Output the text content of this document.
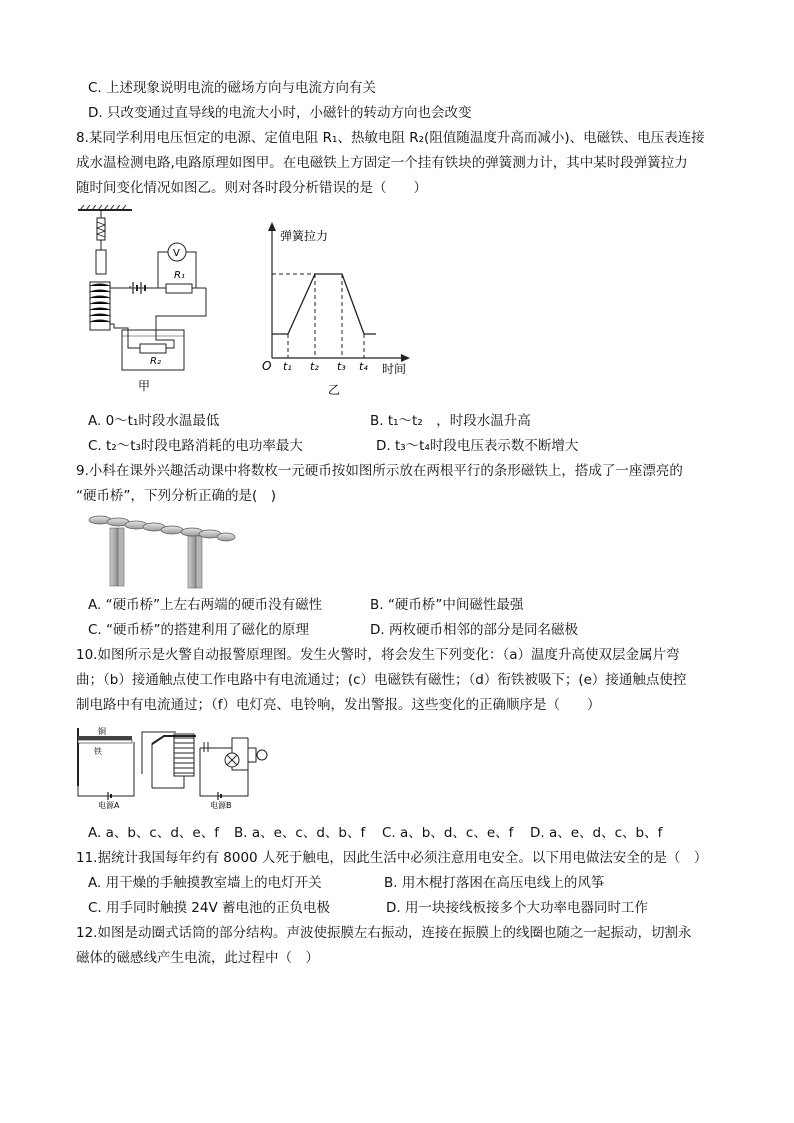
C. 上述现象说明电流的磁场方向与电流方向有关
D. 只改变通过直导线的电流大小时，小磁针的转动方向也会改变
8.某同学利用电压恒定的电源、定值电阻 R₁、热敏电阻 R₂(阻值随温度升高而减小)、电磁铁、电压表连接
成水温检测电路,电路原理如图甲。在电磁铁上方固定一个挂有铁块的弹簧测力计，其中某时段弹簧拉力
随时间变化情况如图乙。则对各时段分析错误的是（　　）
R₁
V
R₂
甲
弹簧拉力
时间
O t₁ t₂ t₃ t₄
乙
A. 0～t₁时段水温最低	B. t₁～t₂　，时段水温升高
C. t₂～t₃时段电路消耗的电功率最大	D. t₃～t₄时段电压表示数不断增大
9.小科在课外兴趣活动课中将数枚一元硬币按如图所示放在两根平行的条形磁铁上，搭成了一座漂亮的
“硬币桥”，下列分析正确的是(　)
A. “硬币桥”上左右两端的硬币没有磁性	B. “硬币桥”中间磁性最强
C. “硬币桥”的搭建利用了磁化的原理	D. 两枚硬币相邻的部分是同名磁极
10.如图所示是火警自动报警原理图。发生火警时，将会发生下列变化：（a）温度升高使双层金属片弯
曲；（b）接通触点使工作电路中有电流通过；(c）电磁铁有磁性；（d）衔铁被吸下；(e）接通触点使控
制电路中有电流通过；（f）电灯亮、电铃响，发出警报。这些变化的正确顺序是（　　）
铜
铁
电源A	电源B
A. a、b、c、d、e、f B. a、e、c、d、b、f C. a、b、d、c、e、f D. a、e、d、c、b、f
11.据统计我国每年约有 8000 人死于触电，因此生活中必须注意用电安全。以下用电做法安全的是（　）
A. 用干燥的手触摸教室墙上的电灯开关	B. 用木棍打落困在高压电线上的风筝
C. 用手同时触摸 24V 蓄电池的正负电极	D. 用一块接线板接多个大功率电器同时工作
12.如图是动圈式话筒的部分结构。声波使振膜左右振动，连接在振膜上的线圈也随之一起振动，切割永
磁体的磁感线产生电流，此过程中（　）
